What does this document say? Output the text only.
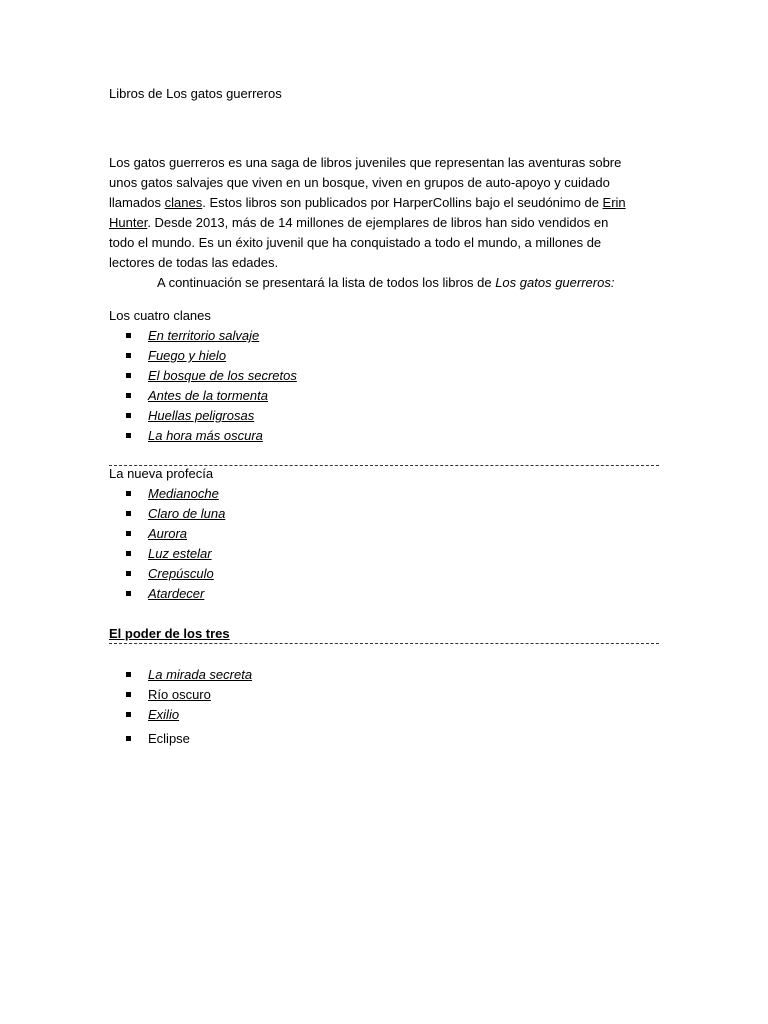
Libros de Los gatos guerreros

Los gatos guerreros es una saga de libros juveniles que representan las aventuras sobre unos gatos salvajes que viven en un bosque, viven en grupos de auto-apoyo y cuidado llamados clanes. Estos libros son publicados por HarperCollins bajo el seudónimo de Erin Hunter. Desde 2013, más de 14 millones de ejemplares de libros han sido vendidos en todo el mundo. Es un éxito juvenil que ha conquistado a todo el mundo, a millones de lectores de todas las edades.

A continuación se presentará la lista de todos los libros de Los gatos guerreros:

Los cuatro clanes
En territorio salvaje
Fuego y hielo
El bosque de los secretos
Antes de la tormenta
Huellas peligrosas
La hora más oscura
La nueva profecía
Medianoche
Claro de luna
Aurora
Luz estelar
Crepúsculo
Atardecer
El poder de los tres
La mirada secreta
Río oscuro
Exilio
Eclipse
